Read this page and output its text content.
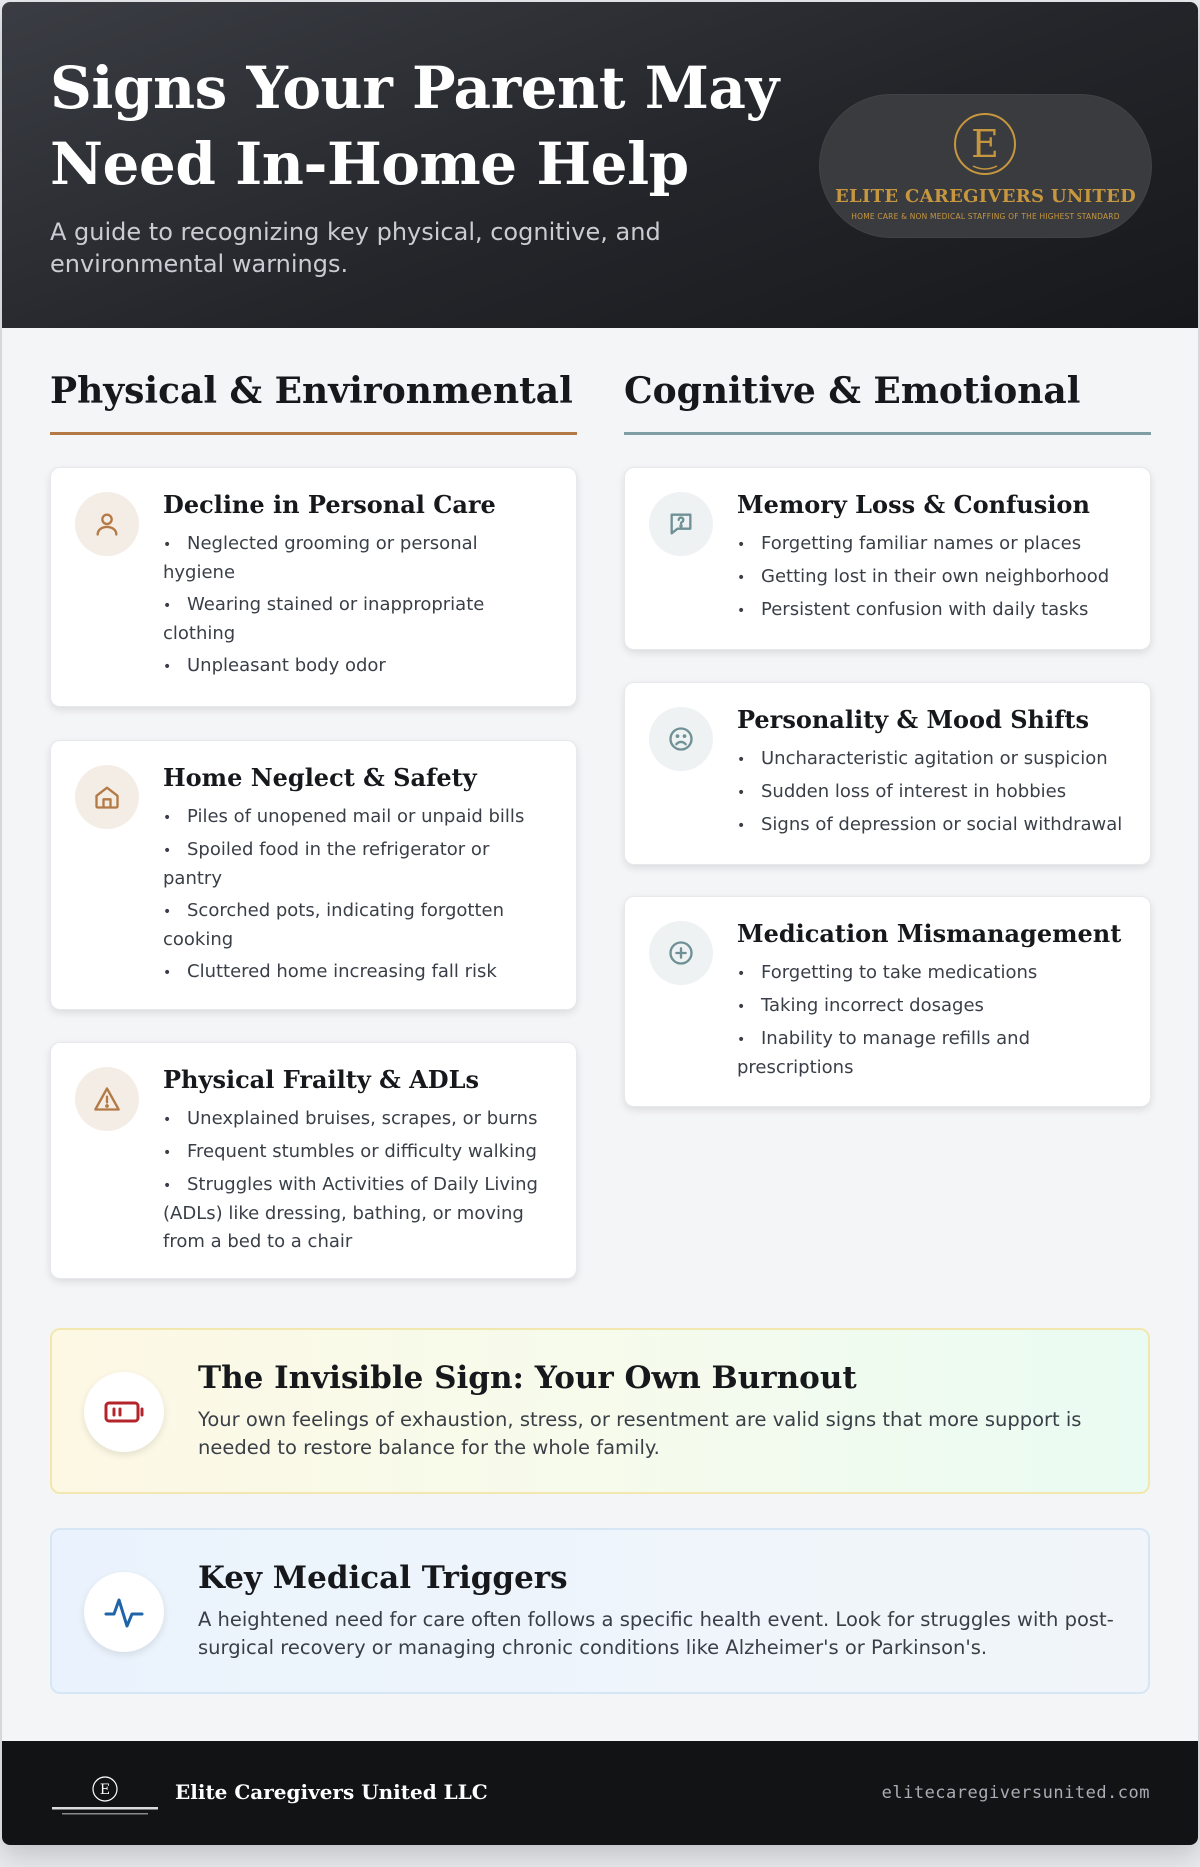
Signs Your Parent May Need In-Home Help

A guide to recognizing key physical, cognitive, and environmental warnings.

E
ELITE CAREGIVERS UNITED
HOME CARE & NON MEDICAL STAFFING OF THE HIGHEST STANDARD
Physical & Environmental
Decline in Personal Care
• Neglected grooming or personal hygiene
• Wearing stained or inappropriate clothing
• Unpleasant body odor
Home Neglect & Safety
• Piles of unopened mail or unpaid bills
• Spoiled food in the refrigerator or pantry
• Scorched pots, indicating forgotten cooking
• Cluttered home increasing fall risk
Physical Frailty & ADLs
• Unexplained bruises, scrapes, or burns
• Frequent stumbles or difficulty walking
• Struggles with Activities of Daily Living (ADLs) like dressing, bathing, or moving from a bed to a chair
Cognitive & Emotional
Memory Loss & Confusion
• Forgetting familiar names or places
• Getting lost in their own neighborhood
• Persistent confusion with daily tasks
Personality & Mood Shifts
• Uncharacteristic agitation or suspicion
• Sudden loss of interest in hobbies
• Signs of depression or social withdrawal
Medication Mismanagement
• Forgetting to take medications
• Taking incorrect dosages
• Inability to manage refills and prescriptions
The Invisible Sign: Your Own Burnout

Your own feelings of exhaustion, stress, or resentment are valid signs that more support is needed to restore balance for the whole family.

Key Medical Triggers

A heightened need for care often follows a specific health event. Look for struggles with post-surgical recovery or managing chronic conditions like Alzheimer's or Parkinson's.

E	Elite Caregivers United LLC	elitecaregiversunited.com
